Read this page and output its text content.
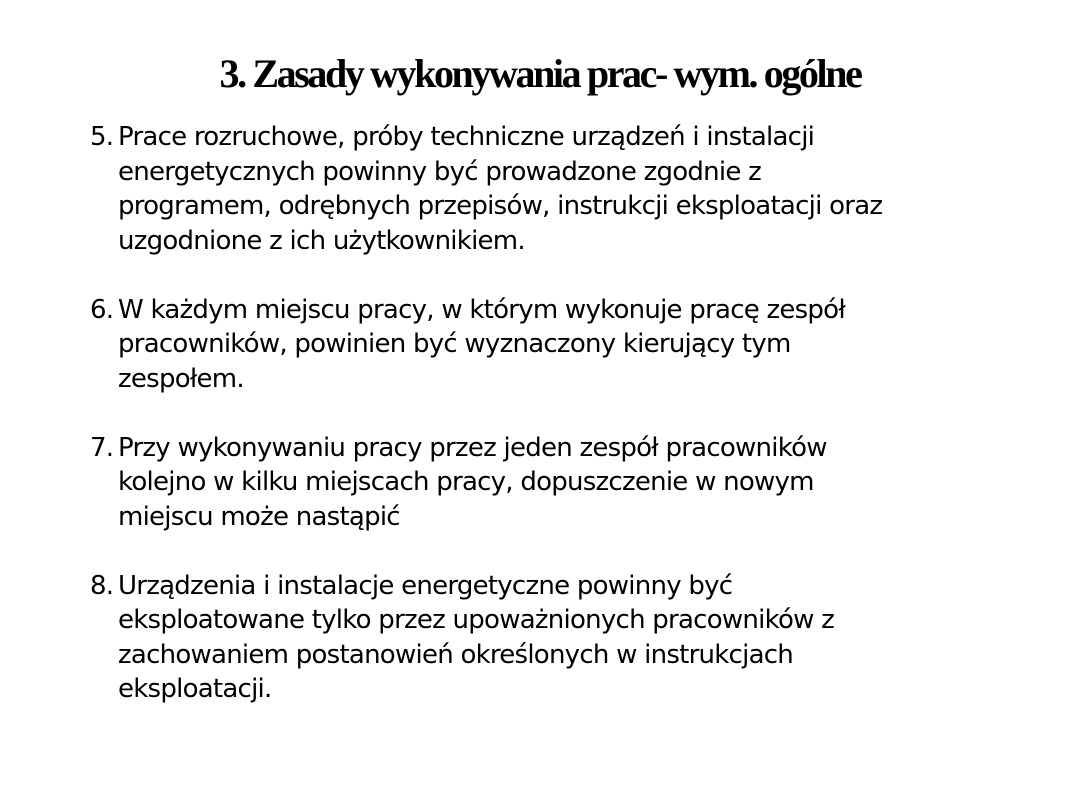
3. Zasady wykonywania prac- wym. ogólne
5. Prace rozruchowe, próby techniczne urządzeń i instalacji
energetycznych powinny być prowadzone zgodnie z
programem, odrębnych przepisów, instrukcji eksploatacji oraz
uzgodnione z ich użytkownikiem.
6. W każdym miejscu pracy, w którym wykonuje pracę zespół
pracowników, powinien być wyznaczony kierujący tym
zespołem.
7. Przy wykonywaniu pracy przez jeden zespół pracowników
kolejno w kilku miejscach pracy, dopuszczenie w nowym
miejscu może nastąpić
8. Urządzenia i instalacje energetyczne powinny być
eksploatowane tylko przez upoważnionych pracowników z
zachowaniem postanowień określonych w instrukcjach
eksploatacji.
